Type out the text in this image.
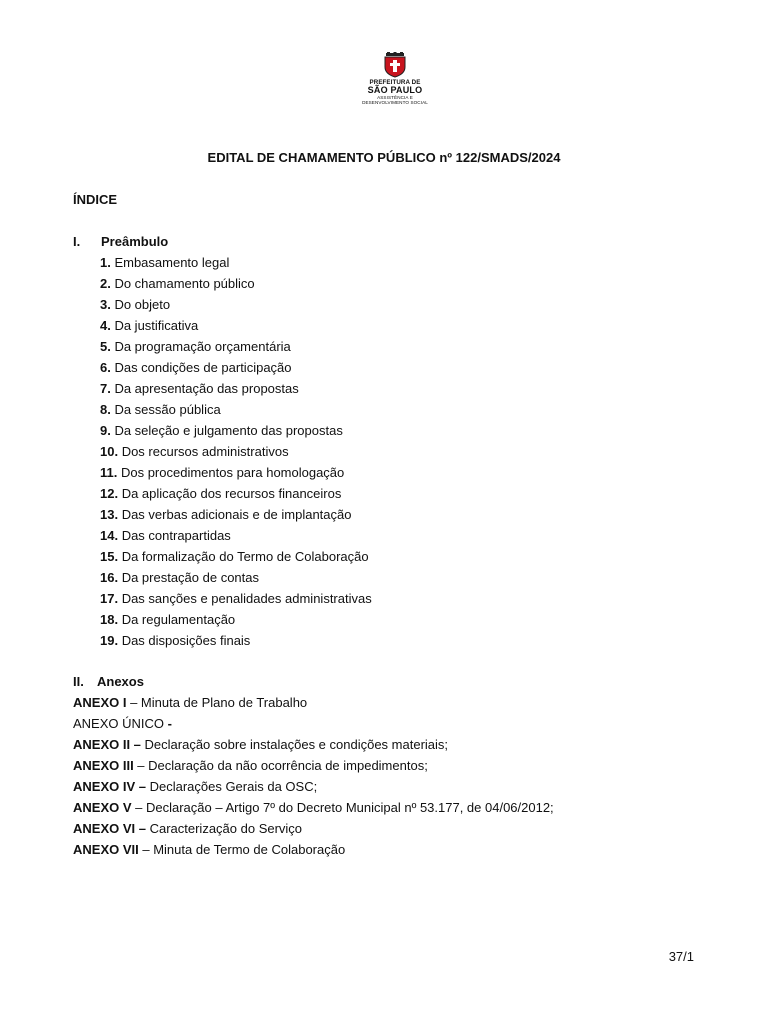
PREFEITURA DE
SÃO PAULO
ASSISTÊNCIA E
DESENVOLVIMENTO SOCIAL
EDITAL DE CHAMAMENTO PÚBLICO nº 122/SMADS/2024
ÍNDICE
I. Preâmbulo
1. Embasamento legal
2. Do chamamento público
3. Do objeto
4. Da justificativa
5. Da programação orçamentária
6. Das condições de participação
7. Da apresentação das propostas
8. Da sessão pública
9. Da seleção e julgamento das propostas
10. Dos recursos administrativos
11. Dos procedimentos para homologação
12. Da aplicação dos recursos financeiros
13. Das verbas adicionais e de implantação
14. Das contrapartidas
15. Da formalização do Termo de Colaboração
16. Da prestação de contas
17. Das sanções e penalidades administrativas
18. Da regulamentação
19. Das disposições finais
II. Anexos
ANEXO I – Minuta de Plano de Trabalho
ANEXO ÚNICO -
ANEXO II – Declaração sobre instalações e condições materiais;
ANEXO III – Declaração da não ocorrência de impedimentos;
ANEXO IV – Declarações Gerais da OSC;
ANEXO V – Declaração – Artigo 7º do Decreto Municipal nº 53.177, de 04/06/2012;
ANEXO VI – Caracterização do Serviço
ANEXO VII – Minuta de Termo de Colaboração
37/1
